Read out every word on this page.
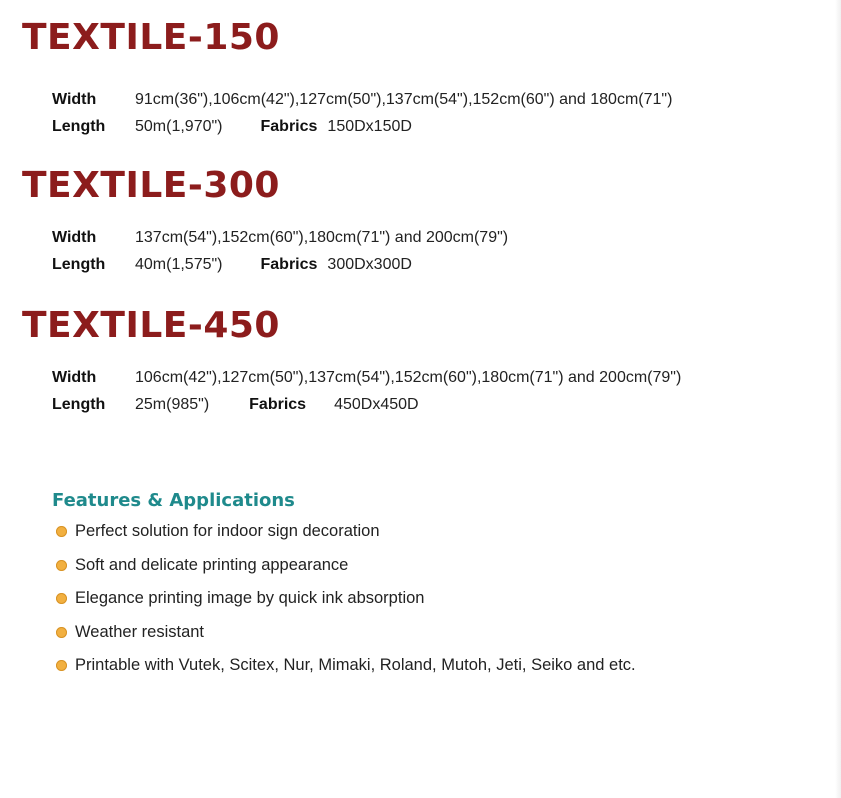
TEXTILE-150
Width 91cm(36"),106cm(42"),127cm(50"),137cm(54"),152cm(60") and 180cm(71")
Length 50m(1,970") Fabrics 150Dx150D
TEXTILE-300
Width 137cm(54"),152cm(60"),180cm(71") and 200cm(79")
Length 40m(1,575") Fabrics 300Dx300D
TEXTILE-450
Width 106cm(42"),127cm(50"),137cm(54"),152cm(60"),180cm(71") and 200cm(79")
Length 25m(985")	Fabrics 450Dx450D
Features & Applications
Perfect solution for indoor sign decoration
Soft and delicate printing appearance
Elegance printing image by quick ink absorption
Weather resistant
Printable with Vutek, Scitex, Nur, Mimaki, Roland, Mutoh, Jeti, Seiko and etc.
